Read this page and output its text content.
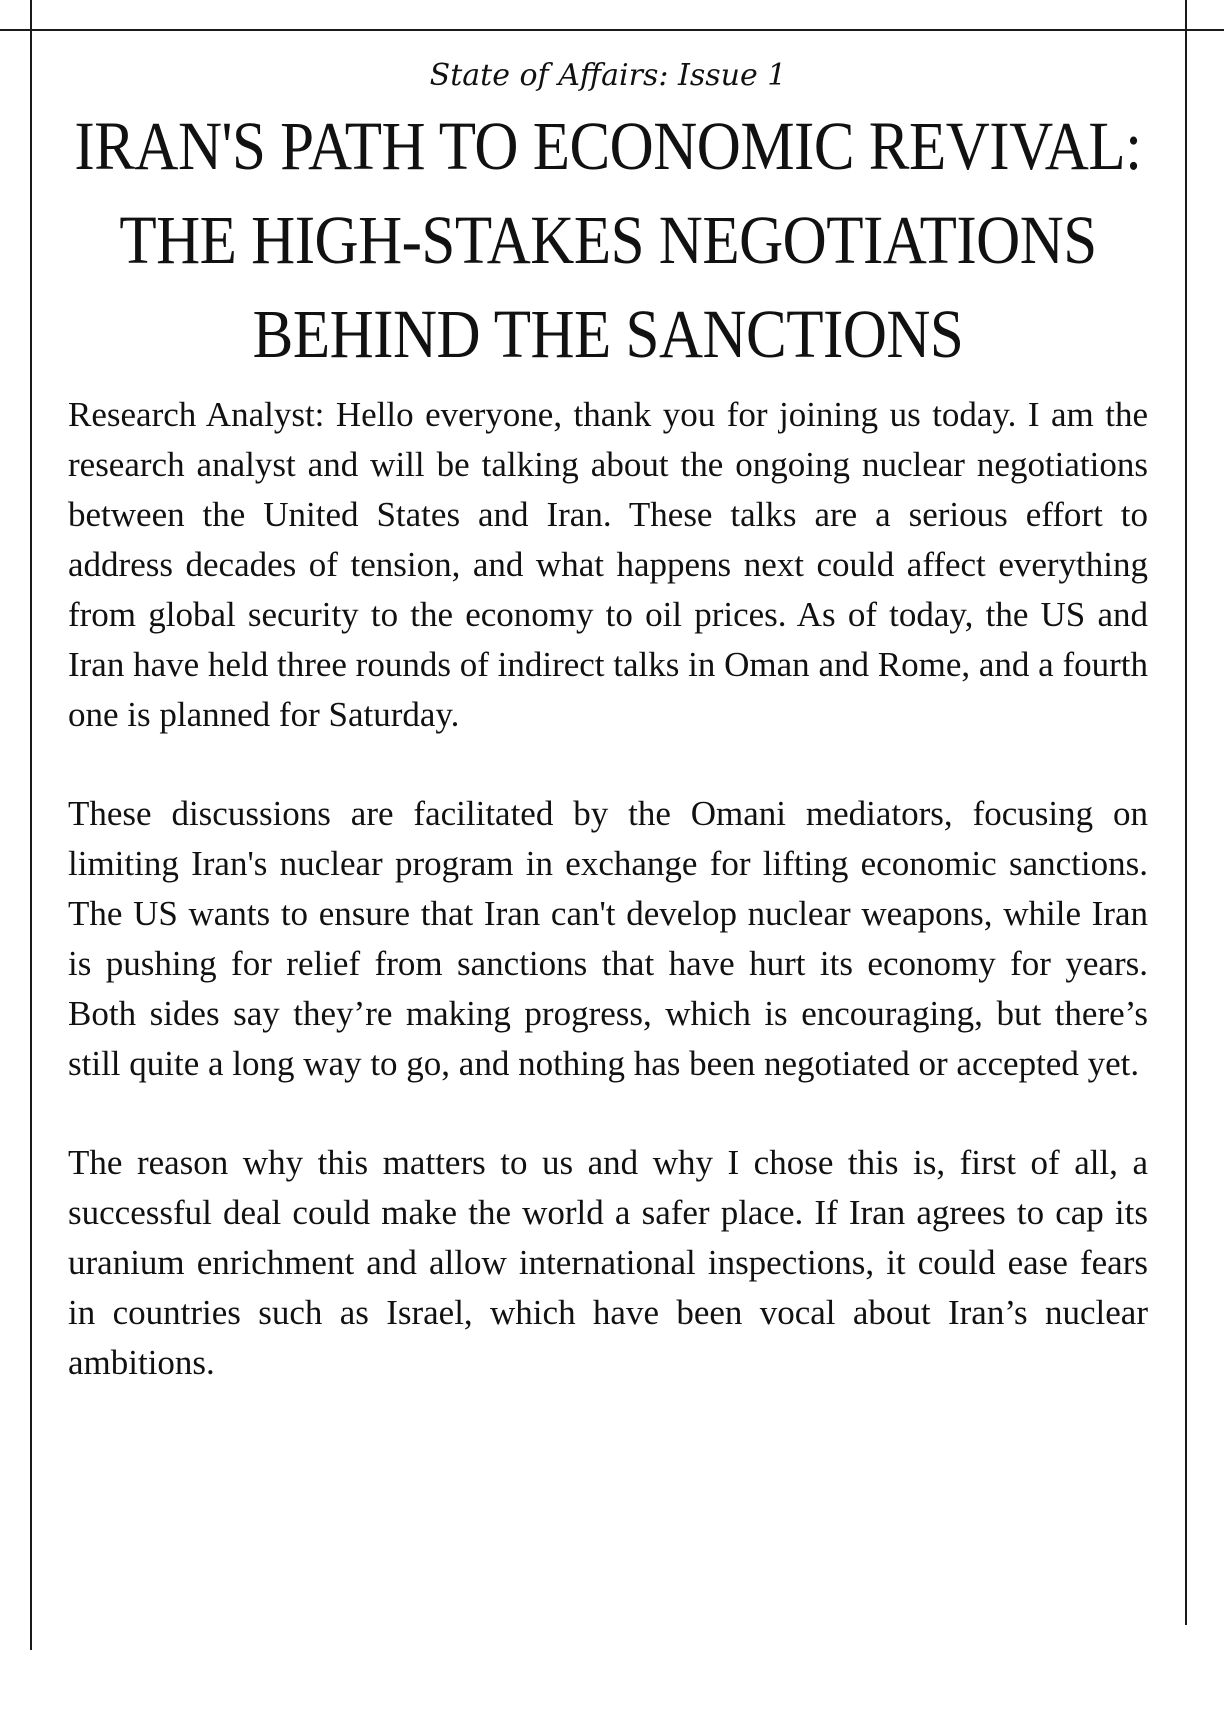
State of Affairs: Issue 1
IRAN'S PATH TO ECONOMIC REVIVAL: THE HIGH-STAKES NEGOTIATIONS BEHIND THE SANCTIONS

Research Analyst: Hello everyone, thank you for joining us today. I am the research analyst and will be talking about the ongoing nuclear negotiations between the United States and Iran. These talks are a serious effort to address decades of tension, and what happens next could affect everything from global security to the economy to oil prices. As of today, the US and Iran have held three rounds of indirect talks in Oman and Rome, and a fourth one is planned for Saturday.

These discussions are facilitated by the Omani mediators, focusing on limiting Iran's nuclear program in exchange for lifting economic sanctions. The US wants to ensure that Iran can't develop nuclear weapons, while Iran is pushing for relief from sanctions that have hurt its economy for years. Both sides say they’re making progress, which is encouraging, but there’s still quite a long way to go, and nothing has been negotiated or accepted yet.

The reason why this matters to us and why I chose this is, first of all, a successful deal could make the world a safer place. If Iran agrees to cap its uranium enrichment and allow international inspections, it could ease fears in countries such as Israel, which have been vocal about Iran’s nuclear ambitions.
